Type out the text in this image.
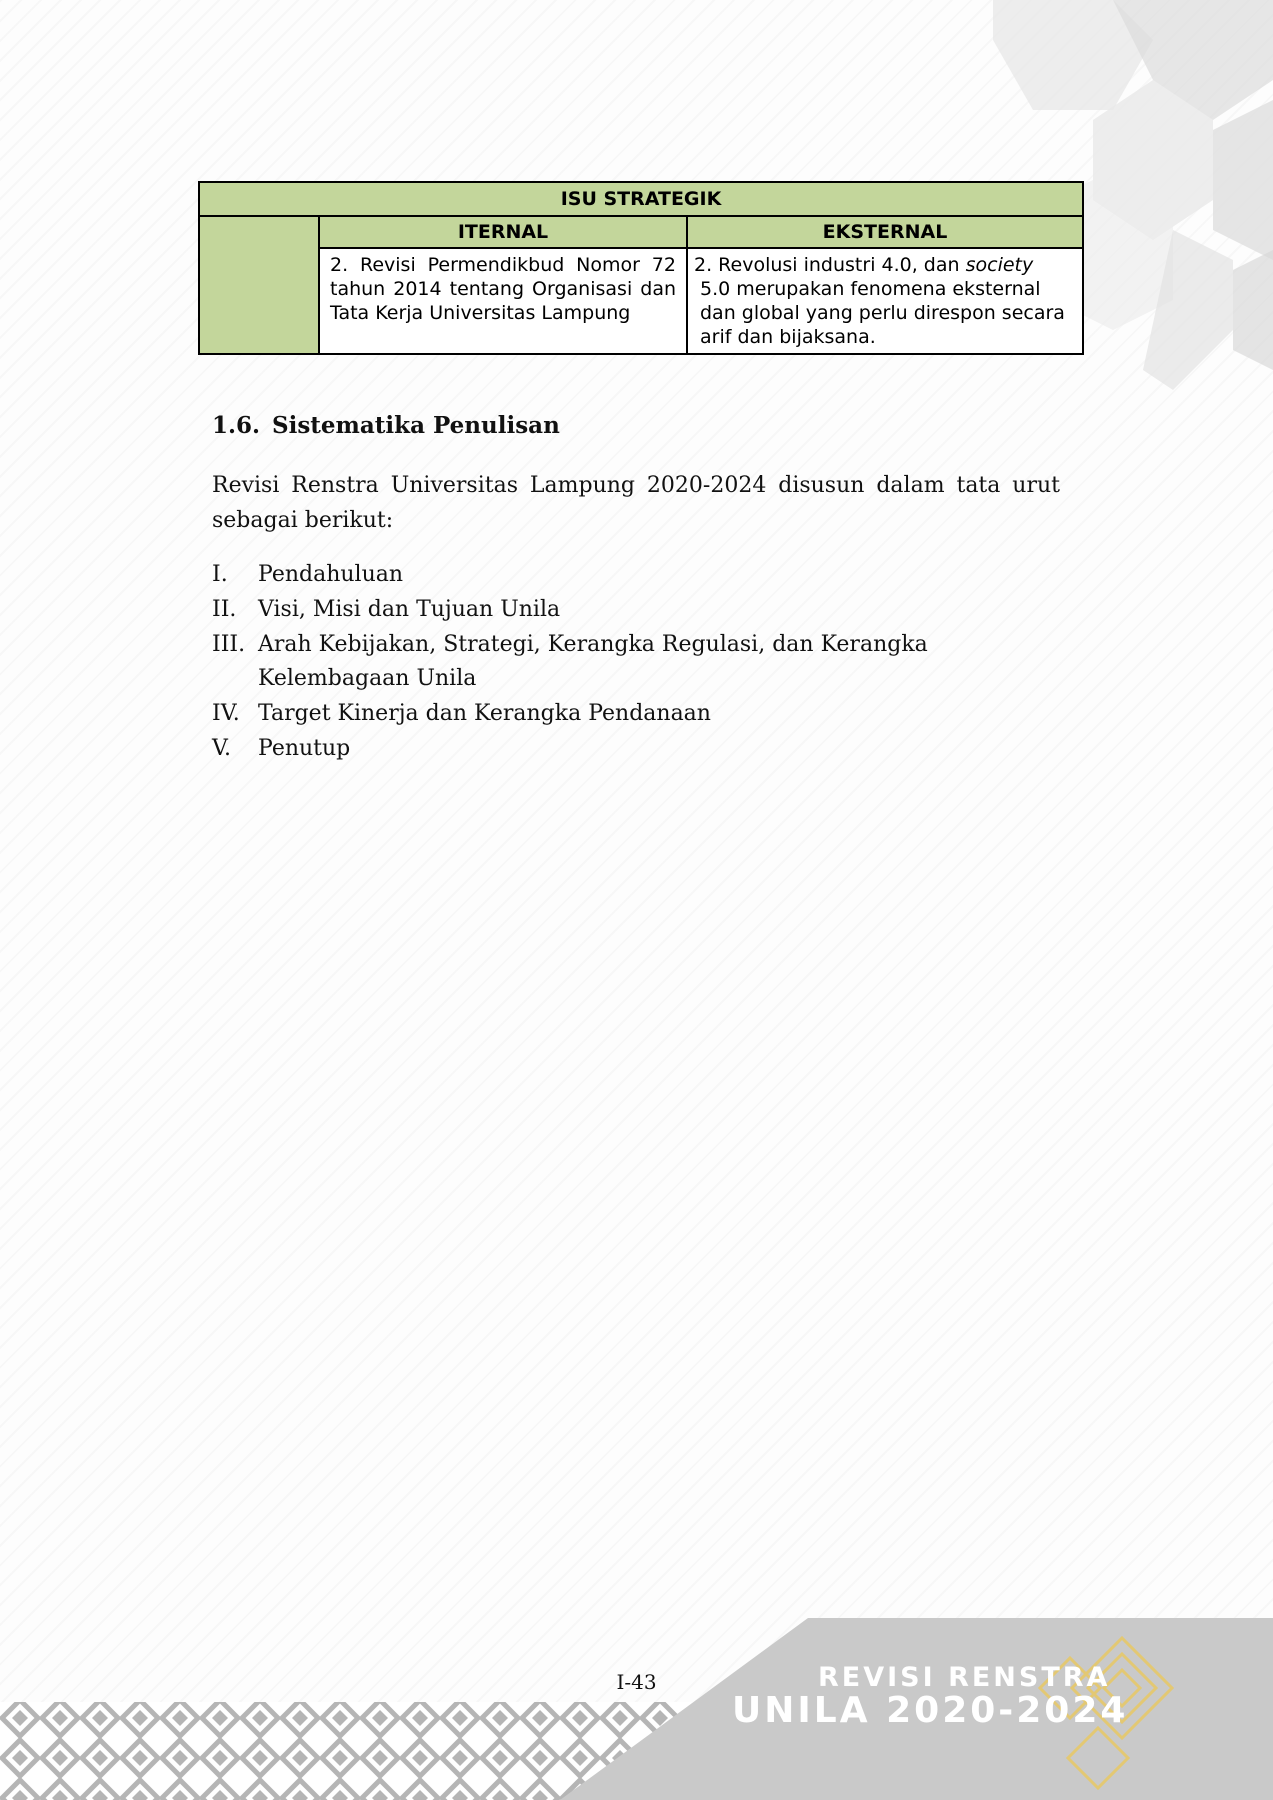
ISU STRATEGIK		
	ITERNAL	EKSTERNAL
	2. Revisi Permendikbud Nomor 72 tahun 2014 tentang Organisasi dan Tata Kerja Universitas Lampung	2. Revolusi industri 4.0, dan society
5.0 merupakan fenomena eksternal
dan global yang perlu direspon secara
arif dan bijaksana.
1.6. Sistematika Penulisan

Revisi Renstra Universitas Lampung 2020-2024 disusun dalam tata urut sebagai berikut:

I.	Pendahuluan
II. Visi, Misi dan Tujuan Unila
III. Arah Kebijakan, Strategi, Kerangka Regulasi, dan Kerangka Kelembagaan Unila
IV. Target Kinerja dan Kerangka Pendanaan
V.	Penutup
REVISI RENSTRA
UNILA 2020-2024
I-43
